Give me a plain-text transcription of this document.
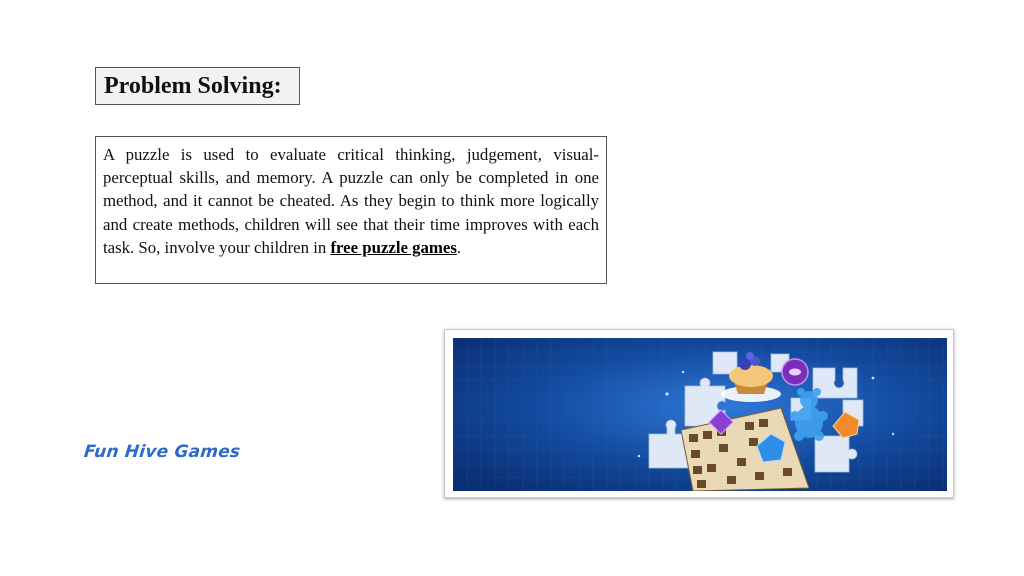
Problem Solving:
A puzzle is used to evaluate critical thinking, judgement, visual-perceptual skills, and memory. A puzzle can only be completed in one method, and it cannot be cheated. As they begin to think more logically and create methods, children will see that their time improves with each task. So, involve your children in free puzzle games.
Fun Hive Games
